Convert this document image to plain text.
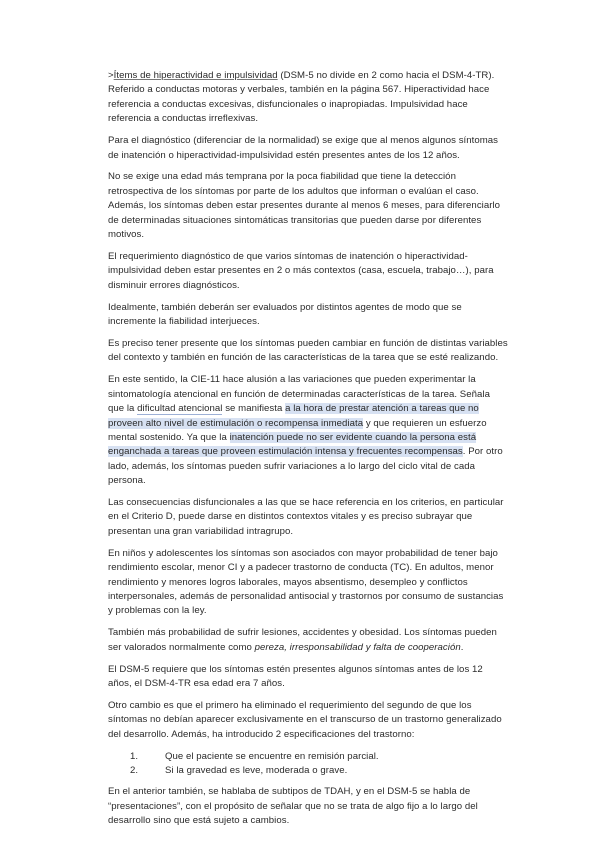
>Ítems de hiperactividad e impulsividad (DSM-5 no divide en 2 como hacia el DSM-4-TR). Referido a conductas motoras y verbales, también en la página 567. Hiperactividad hace referencia a conductas excesivas, disfuncionales o inapropiadas. Impulsividad hace referencia a conductas irreflexivas.

Para el diagnóstico (diferenciar de la normalidad) se exige que al menos algunos síntomas de inatención o hiperactividad-impulsividad estén presentes antes de los 12 años.

No se exige una edad más temprana por la poca fiabilidad que tiene la detección retrospectiva de los síntomas por parte de los adultos que informan o evalúan el caso. Además, los síntomas deben estar presentes durante al menos 6 meses, para diferenciarlo de determinadas situaciones sintomáticas transitorias que pueden darse por diferentes motivos.

El requerimiento diagnóstico de que varios síntomas de inatención o hiperactividad-impulsividad deben estar presentes en 2 o más contextos (casa, escuela, trabajo…), para disminuir errores diagnósticos.

Idealmente, también deberán ser evaluados por distintos agentes de modo que se incremente la fiabilidad interjueces.

Es preciso tener presente que los síntomas pueden cambiar en función de distintas variables del contexto y también en función de las características de la tarea que se esté realizando.

En este sentido, la CIE-11 hace alusión a las variaciones que pueden experimentar la sintomatología atencional en función de determinadas características de la tarea. Señala que la dificultad atencional se manifiesta a la hora de prestar atención a tareas que no proveen alto nivel de estimulación o recompensa inmediata y que requieren un esfuerzo mental sostenido. Ya que la inatención puede no ser evidente cuando la persona está enganchada a tareas que proveen estimulación intensa y frecuentes recompensas. Por otro lado, además, los síntomas pueden sufrir variaciones a lo largo del ciclo vital de cada persona.

Las consecuencias disfuncionales a las que se hace referencia en los criterios, en particular en el Criterio D, puede darse en distintos contextos vitales y es preciso subrayar que presentan una gran variabilidad intragrupo.

En niños y adolescentes los síntomas son asociados con mayor probabilidad de tener bajo rendimiento escolar, menor CI y a padecer trastorno de conducta (TC). En adultos, menor rendimiento y menores logros laborales, mayos absentismo, desempleo y conflictos interpersonales, además de personalidad antisocial y trastornos por consumo de sustancias y problemas con la ley.

También más probabilidad de sufrir lesiones, accidentes y obesidad. Los síntomas pueden ser valorados normalmente como pereza, irresponsabilidad y falta de cooperación.

El DSM-5 requiere que los síntomas estén presentes algunos síntomas antes de los 12 años, el DSM-4-TR esa edad era 7 años.

Otro cambio es que el primero ha eliminado el requerimiento del segundo de que los síntomas no debían aparecer exclusivamente en el transcurso de un trastorno generalizado del desarrollo. Además, ha introducido 2 especificaciones del trastorno:

1.	Que el paciente se encuentre en remisión parcial.
2.	Si la gravedad es leve, moderada o grave.

En el anterior también, se hablaba de subtipos de TDAH, y en el DSM-5 se habla de “presentaciones”, con el propósito de señalar que no se trata de algo fijo a lo largo del desarrollo sino que está sujeto a cambios.
